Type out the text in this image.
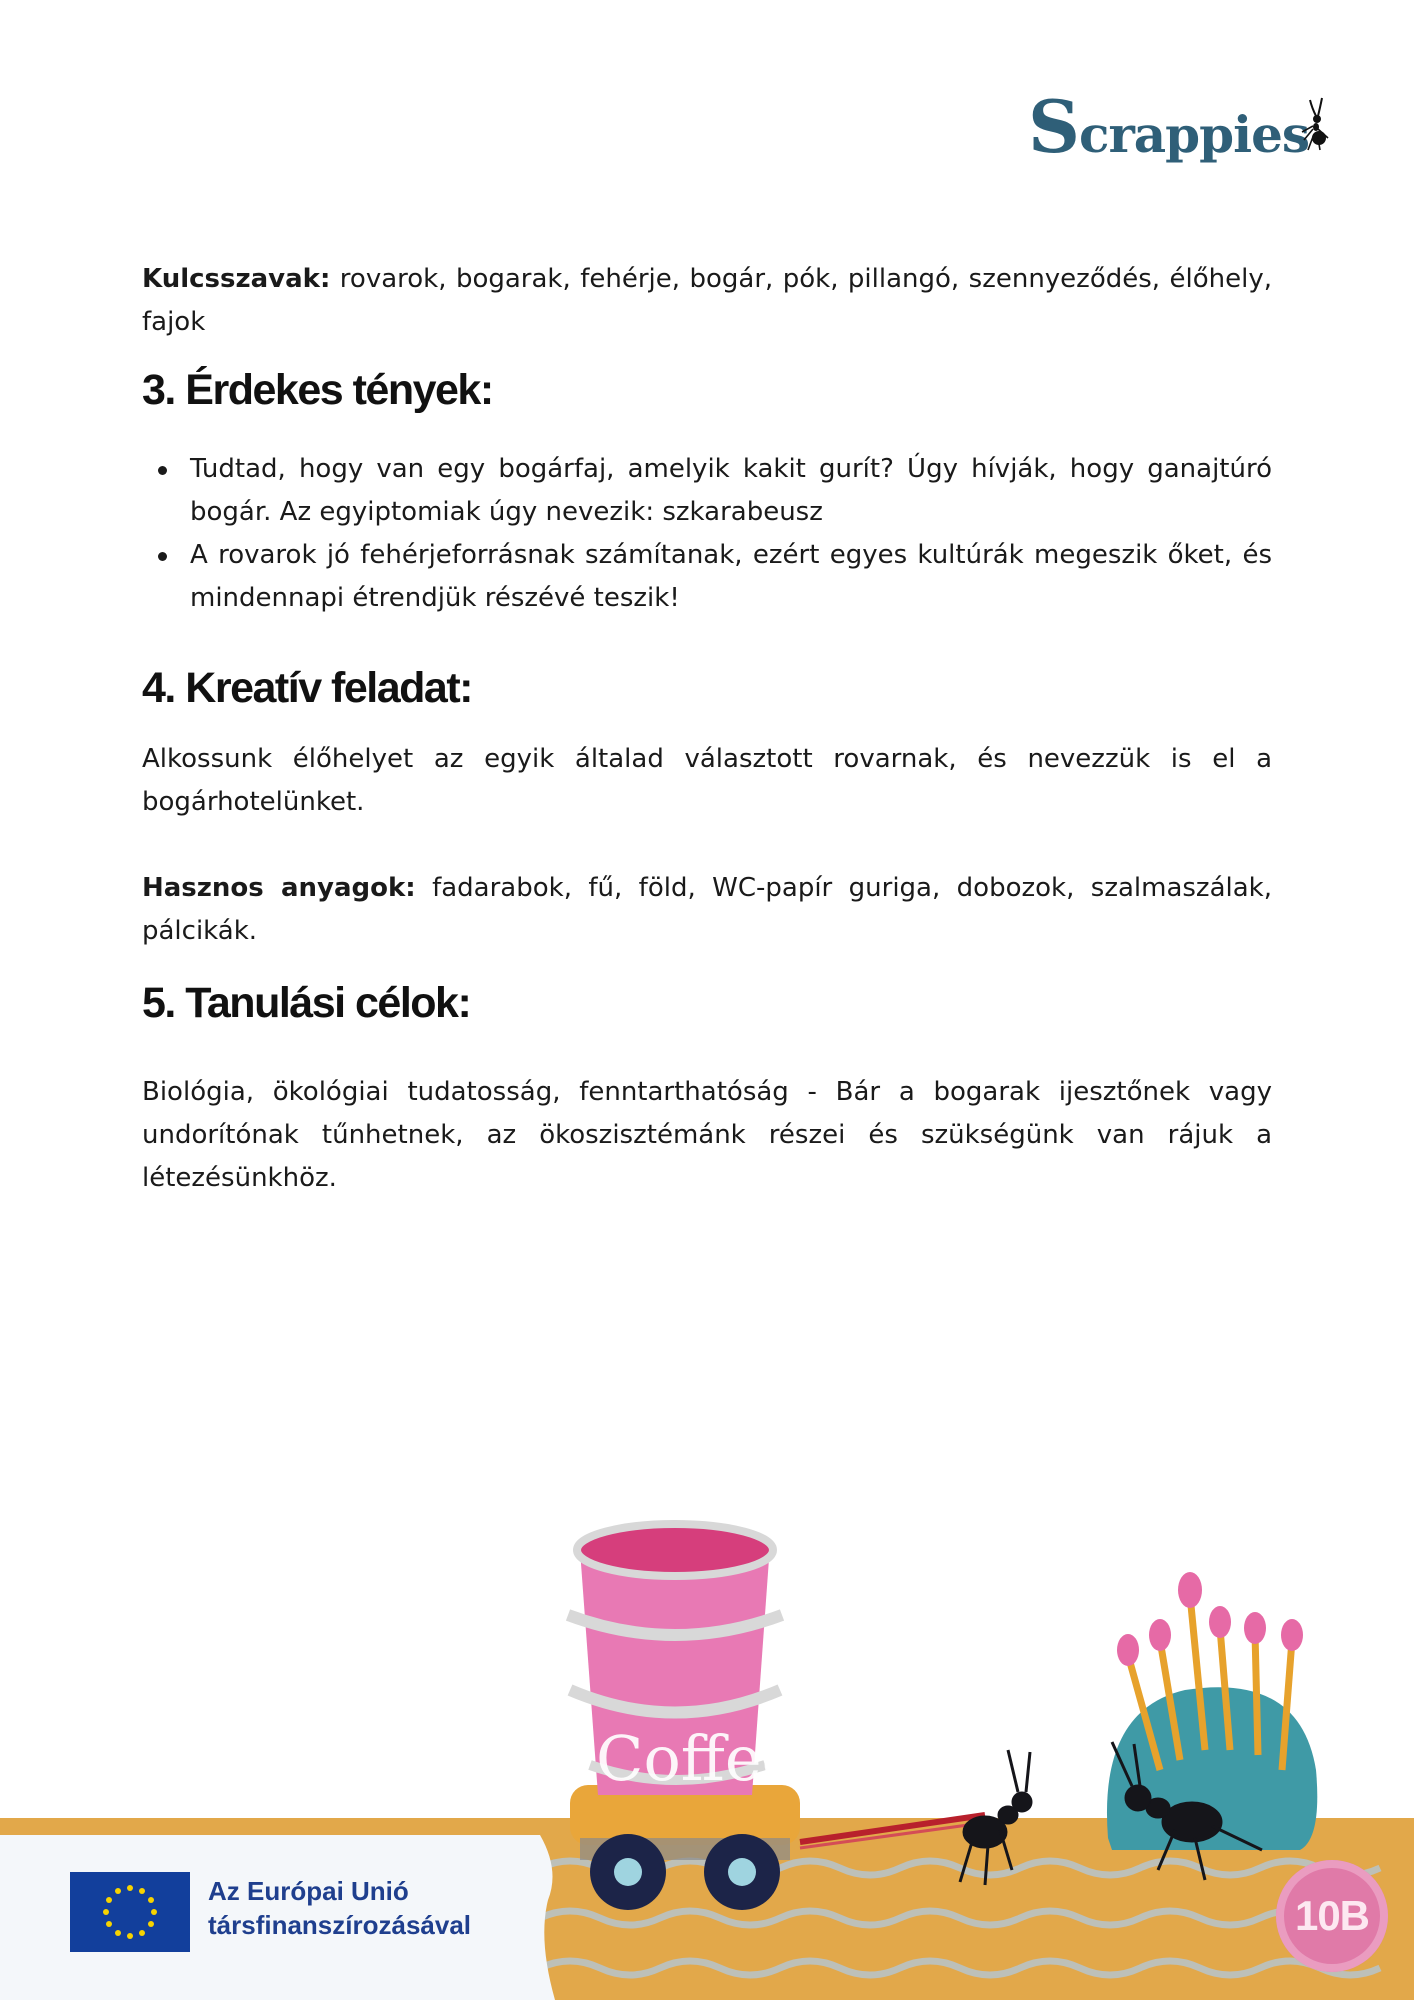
Scrappies

Kulcsszavak: rovarok, bogarak, fehérje, bogár, pók, pillangó, szennyeződés, élőhely, fajok

3. Érdekes tények:
Tudtad, hogy van egy bogárfaj, amelyik kakit gurít? Úgy hívják, hogy ganajtúró bogár. Az egyiptomiak úgy nevezik: szkarabeusz
A rovarok jó fehérjeforrásnak számítanak, ezért egyes kultúrák megeszik őket, és mindennapi étrendjük részévé teszik!
4. Kreatív feladat:

Alkossunk élőhelyet az egyik általad választott rovarnak, és nevezzük is el a bogárhotelünket.

Hasznos anyagok: fadarabok, fű, föld, WC-papír guriga, dobozok, szalmaszálak, pálcikák.

5. Tanulási célok:

Biológia, ökológiai tudatosság, fenntarthatóság - Bár a bogarak ijesztőnek vagy undorítónak tűnhetnek, az ökoszisztémánk részei és szükségünk van rájuk a létezésünkhöz.

Coffee
Az Európai Unió
társfinanszírozásával	10B
